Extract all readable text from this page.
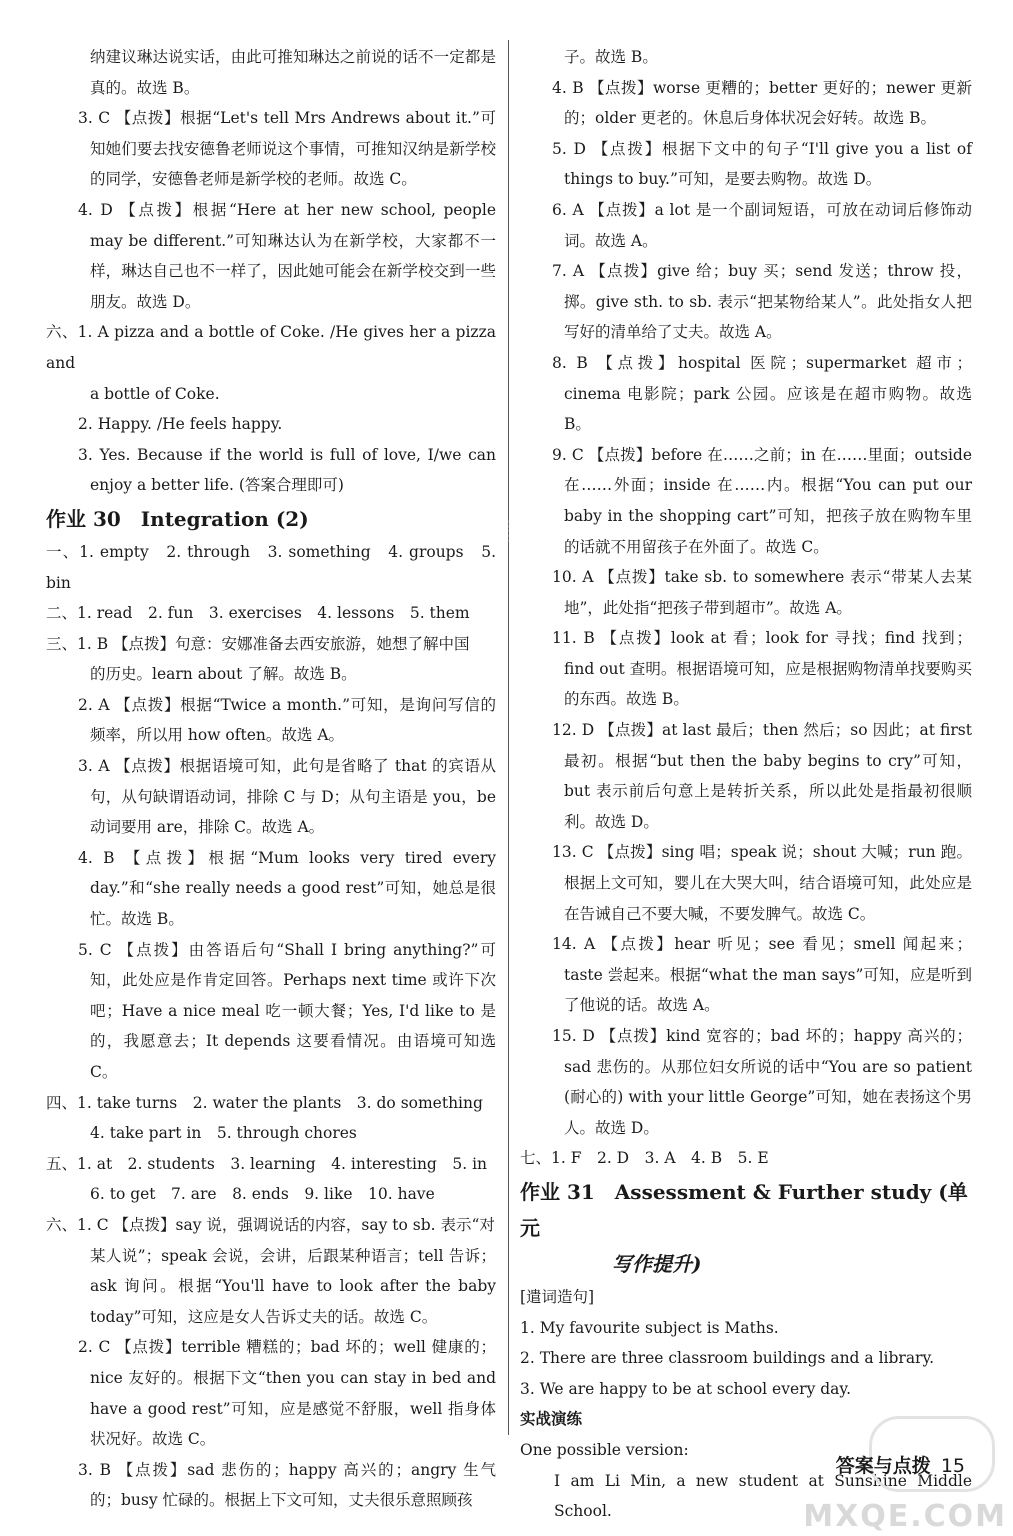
纳建议琳达说实话，由此可推知琳达之前说的话不一定都是真的。故选 B。

3. C 【点拨】根据“Let's tell Mrs Andrews about it.”可知她们要去找安德鲁老师说这个事情，可推知汉纳是新学校的同学，安德鲁老师是新学校的老师。故选 C。

4. D 【点拨】根据“Here at her new school, people may be different.”可知琳达认为在新学校，大家都不一样，琳达自己也不一样了，因此她可能会在新学校交到一些朋友。故选 D。

六、1. A pizza and a bottle of Coke. /He gives her a pizza and

a bottle of Coke.

2. Happy. /He feels happy.

3. Yes. Because if the world is full of love, I/we can enjoy a better life. (答案合理即可)

作业 30　Integration (2)

一、1. empty　2. through　3. something　4. groups　5. bin

二、1. read　2. fun　3. exercises　4. lessons　5. them

三、1. B 【点拨】句意：安娜准备去西安旅游，她想了解中国

的历史。learn about 了解。故选 B。

2. A 【点拨】根据“Twice a month.”可知，是询问写信的频率，所以用 how often。故选 A。

3. A 【点拨】根据语境可知，此句是省略了 that 的宾语从句，从句缺谓语动词，排除 C 与 D；从句主语是 you，be 动词要用 are，排除 C。故选 A。

4. B 【点拨】根据“Mum looks very tired every day.”和“she really needs a good rest”可知，她总是很忙。故选 B。

5. C 【点拨】由答语后句“Shall I bring anything?”可知，此处应是作肯定回答。Perhaps next time 或许下次吧；Have a nice meal 吃一顿大餐；Yes, I'd like to 是的，我愿意去；It depends 这要看情况。由语境可知选 C。

四、1. take turns　2. water the plants　3. do something

4. take part in　5. through chores

五、1. at　2. students　3. learning　4. interesting　5. in

6. to get　7. are　8. ends　9. like　10. have

六、1. C 【点拨】say 说，强调说话的内容，say to sb. 表示“对

某人说”；speak 会说，会讲，后跟某种语言；tell 告诉；ask 询问。根据“You'll have to look after the baby today”可知，这应是女人告诉丈夫的话。故选 C。

2. C 【点拨】terrible 糟糕的；bad 坏的；well 健康的；nice 友好的。根据下文“then you can stay in bed and have a good rest”可知，应是感觉不舒服，well 指身体状况好。故选 C。

3. B 【点拨】sad 悲伤的；happy 高兴的；angry 生气的；busy 忙碌的。根据上下文可知，丈夫很乐意照顾孩

子。故选 B。

4. B 【点拨】worse 更糟的；better 更好的；newer 更新的；older 更老的。休息后身体状况会好转。故选 B。

5. D 【点拨】根据下文中的句子“I'll give you a list of things to buy.”可知，是要去购物。故选 D。

6. A 【点拨】a lot 是一个副词短语，可放在动词后修饰动词。故选 A。

7. A 【点拨】give 给；buy 买；send 发送；throw 投，掷。give sth. to sb. 表示“把某物给某人”。此处指女人把写好的清单给了丈夫。故选 A。

8. B 【点拨】hospital 医院；supermarket 超市；cinema 电影院；park 公园。应该是在超市购物。故选 B。

9. C 【点拨】before 在……之前；in 在……里面；outside 在……外面；inside 在……内。根据“You can put our baby in the shopping cart”可知，把孩子放在购物车里的话就不用留孩子在外面了。故选 C。

10. A 【点拨】take sb. to somewhere 表示“带某人去某地”，此处指“把孩子带到超市”。故选 A。

11. B 【点拨】look at 看；look for 寻找；find 找到；find out 查明。根据语境可知，应是根据购物清单找要购买的东西。故选 B。

12. D 【点拨】at last 最后；then 然后；so 因此；at first 最初。根据“but then the baby begins to cry”可知，but 表示前后句意上是转折关系，所以此处是指最初很顺利。故选 D。

13. C 【点拨】sing 唱；speak 说；shout 大喊；run 跑。根据上文可知，婴儿在大哭大叫，结合语境可知，此处应是在告诫自己不要大喊，不要发脾气。故选 C。

14. A 【点拨】hear 听见；see 看见；smell 闻起来；taste 尝起来。根据“what the man says”可知，应是听到了他说的话。故选 A。

15. D 【点拨】kind 宽容的；bad 坏的；happy 高兴的；sad 悲伤的。从那位妇女所说的话中“You are so patient (耐心的) with your little George”可知，她在表扬这个男人。故选 D。

七、1. F　2. D　3. A　4. B　5. E

作业 31　Assessment & Further study (单元

写作提升)

[遣词造句]

1. My favourite subject is Maths.

2. There are three classroom buildings and a library.

3. We are happy to be at school every day.

实战演练

One possible version:

I am Li Min, a new student at Sunshine Middle School.

答案与点拨 15
MXQE.COM
